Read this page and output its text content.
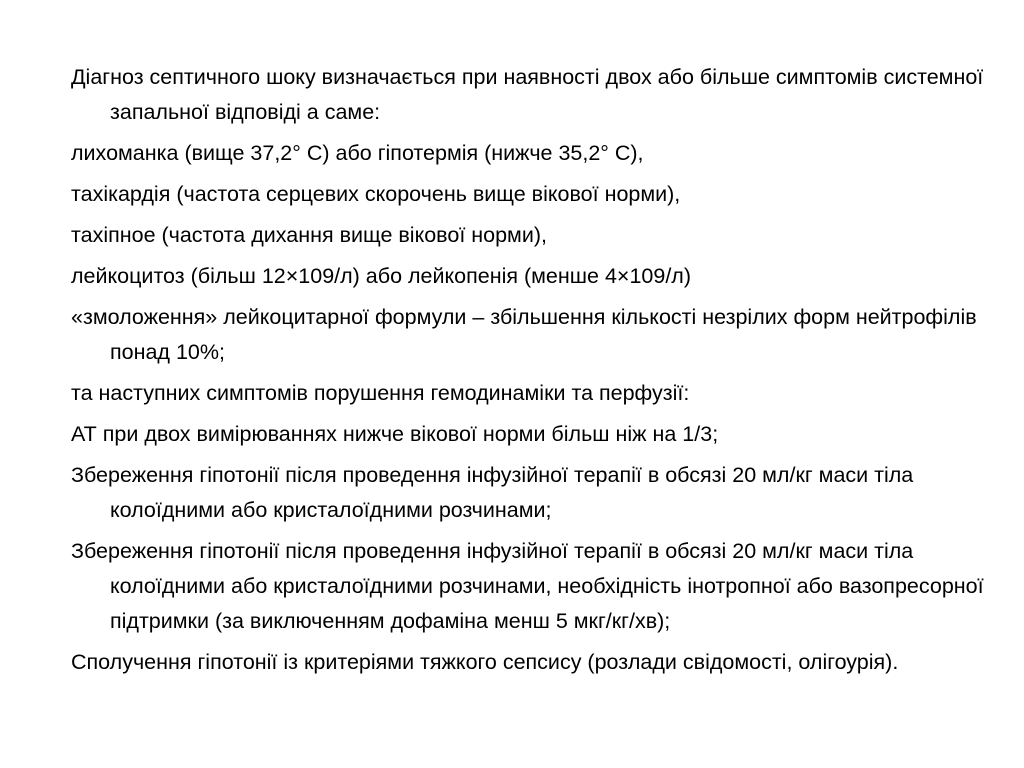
Діагноз септичного шоку визначається при наявності двох або більше симптомів системної запальної відповіді а саме:

лихоманка (вище 37,2° С) або гіпотермія (нижче 35,2° С),

тахікардія (частота серцевих скорочень вище вікової норми),

тахіпное (частота дихання вище вікової норми),

лейкоцитоз (більш 12×109/л) або лейкопенія (менше 4×109/л)

«змоложення» лейкоцитарної формули – збільшення кількості незрілих форм нейтрофілів понад 10%;

та наступних симптомів порушення гемодинаміки та перфузії:

АТ при двох вимірюваннях нижче вікової норми більш ніж на 1/3;

Збереження гіпотонії після проведення інфузійної терапії в обсязі 20 мл/кг маси тіла колоїдними або кристалоїдними розчинами;

Збереження гіпотонії після проведення інфузійної терапії в обсязі 20 мл/кг маси тіла колоїдними або кристалоїдними розчинами, необхідність інотропної або вазопресорної підтримки (за виключенням дофаміна менш 5 мкг/кг/хв);

Сполучення гіпотонії із критеріями тяжкого сепсису (розлади свідомості, олігоурія).
